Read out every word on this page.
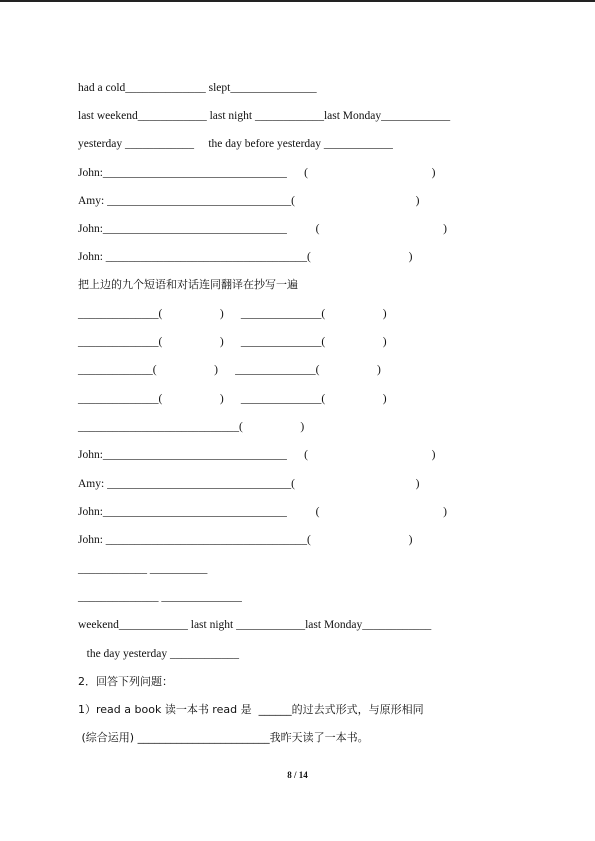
had a cold______________ slept_______________
last weekend____________ last night ____________last Monday____________
yesterday ____________     the day before yesterday ____________
John:________________________________      (                                           )
Amy: ________________________________(                                          )
John:________________________________          (                                           )
John: ___________________________________(                                  )
把上边的九个短语和对话连同翻译在抄写一遍
______________(                    )      ______________(                    )
______________(                    )      ______________(                    )
_____________(                    )      ______________(                    )
______________(                    )      ______________(                    )
____________________________(                    )
John:________________________________      (                                           )
Amy: ________________________________(                                          )
John:________________________________          (                                           )
John: ___________________________________(                                  )
____________ __________
______________ ______________
weekend____________ last night ____________last Monday____________
the day yesterday ____________
2．回答下列问题：
1）read a book 读一本书 read 是  ______的过去式形式，与原形相同
(综合运用) ________________________我昨天读了一本书。
8 / 14
